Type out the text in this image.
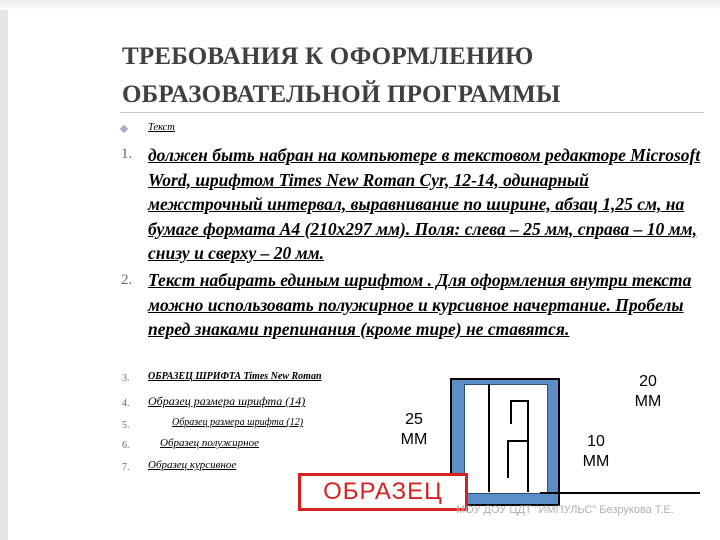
ТРЕБОВАНИЯ К ОФОРМЛЕНИЮ ОБРАЗОВАТЕЛЬНОЙ ПРОГРАММЫ
Текст
1. должен быть набран на компьютере в текстовом редакторе Microsoft Word, шрифтом Times New Roman Cyr, 12-14, одинарный межстрочный интервал, выравнивание по ширине, абзац 1,25 см, на бумаге формата А4 (210х297 мм). Поля: слева – 25 мм, справа – 10 мм, снизу и сверху – 20 мм.
2. Текст набирать единым шрифтом . Для оформления внутри текста можно использовать полужирное и курсивное начертание. Пробелы перед знаками препинания (кроме тире) не ставятся.
3. ОБРАЗЕЦ ШРИФТА Times New Roman
4. Образец размера шрифта (14)
5.	Образец размера шрифта (12)
6.	Образец полужирное
7. Образец курсивное
20
ММ
25
ММ	10
ММ
ОБРАЗЕЦ
МОУ ДОУ ЦДТ "ИМПУЛЬС" Безрукова Т.Е.
